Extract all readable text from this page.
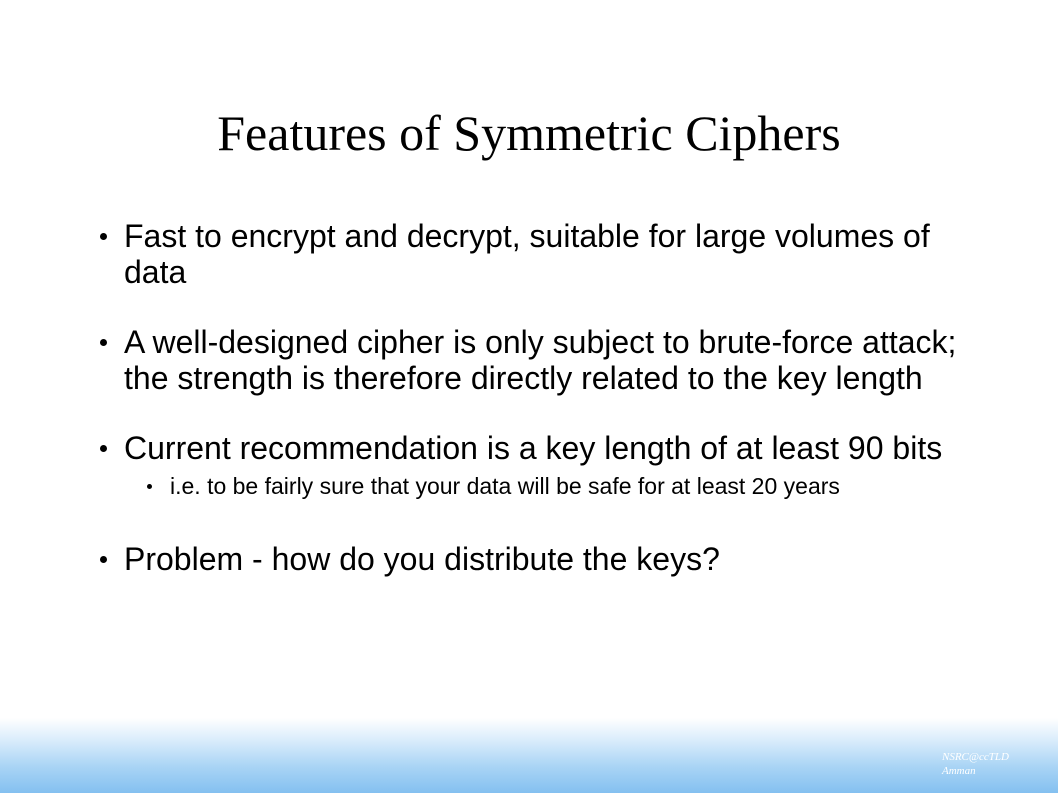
Features of Symmetric Ciphers
Fast to encrypt and decrypt, suitable for large volumes of data
A well-designed cipher is only subject to brute-force attack; the strength is therefore directly related to the key length
Current recommendation is a key length of at least 90 bits
i.e. to be fairly sure that your data will be safe for at least 20 years
Problem - how do you distribute the keys?
NSRC@ccTLD
Amman
